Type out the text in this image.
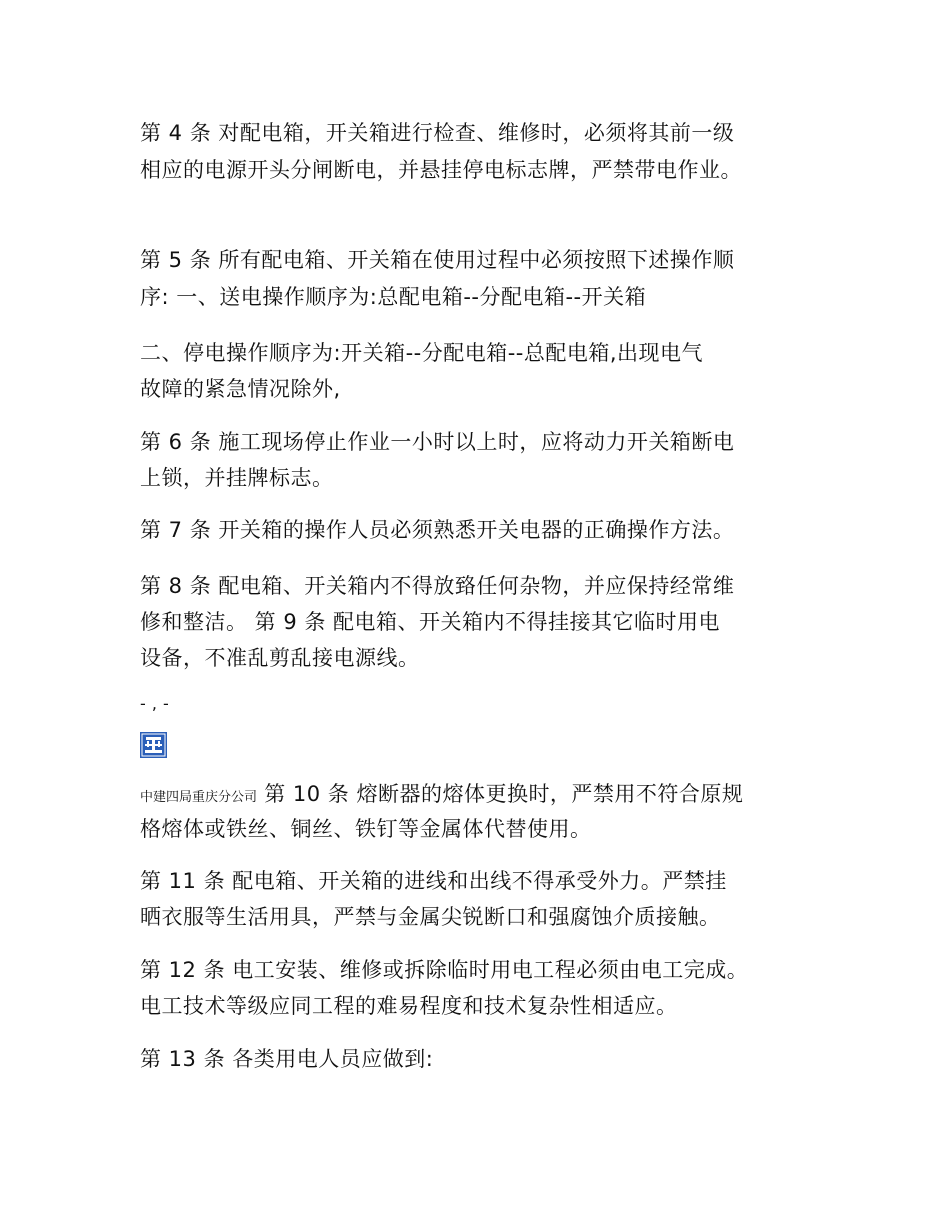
第 4 条 对配电箱，开关箱进行检查、维修时，必须将其前一级
相应的电源开头分闸断电，并悬挂停电标志牌，严禁带电作业。
第 5 条 所有配电箱、开关箱在使用过程中必须按照下述操作顺
序: 一、送电操作顺序为:总配电箱--分配电箱--开关箱
二、停电操作顺序为:开关箱--分配电箱--总配电箱,出现电气
故障的紧急情况除外,
第 6 条 施工现场停止作业一小时以上时，应将动力开关箱断电
上锁，并挂牌标志。
第 7 条 开关箱的操作人员必须熟悉开关电器的正确操作方法。
第 8 条 配电箱、开关箱内不得放臵任何杂物，并应保持经常维
修和整洁。 第 9 条 配电箱、开关箱内不得挂接其它临时用电
设备，不准乱剪乱接电源线。
- , -
中建四局重庆分公司 第 10 条 熔断器的熔体更换时，严禁用不符合原规
格熔体或铁丝、铜丝、铁钉等金属体代替使用。
第 11 条 配电箱、开关箱的进线和出线不得承受外力。严禁挂
晒衣服等生活用具，严禁与金属尖锐断口和强腐蚀介质接触。
第 12 条 电工安装、维修或拆除临时用电工程必须由电工完成。
电工技术等级应同工程的难易程度和技术复杂性相适应。
第 13 条 各类用电人员应做到:
